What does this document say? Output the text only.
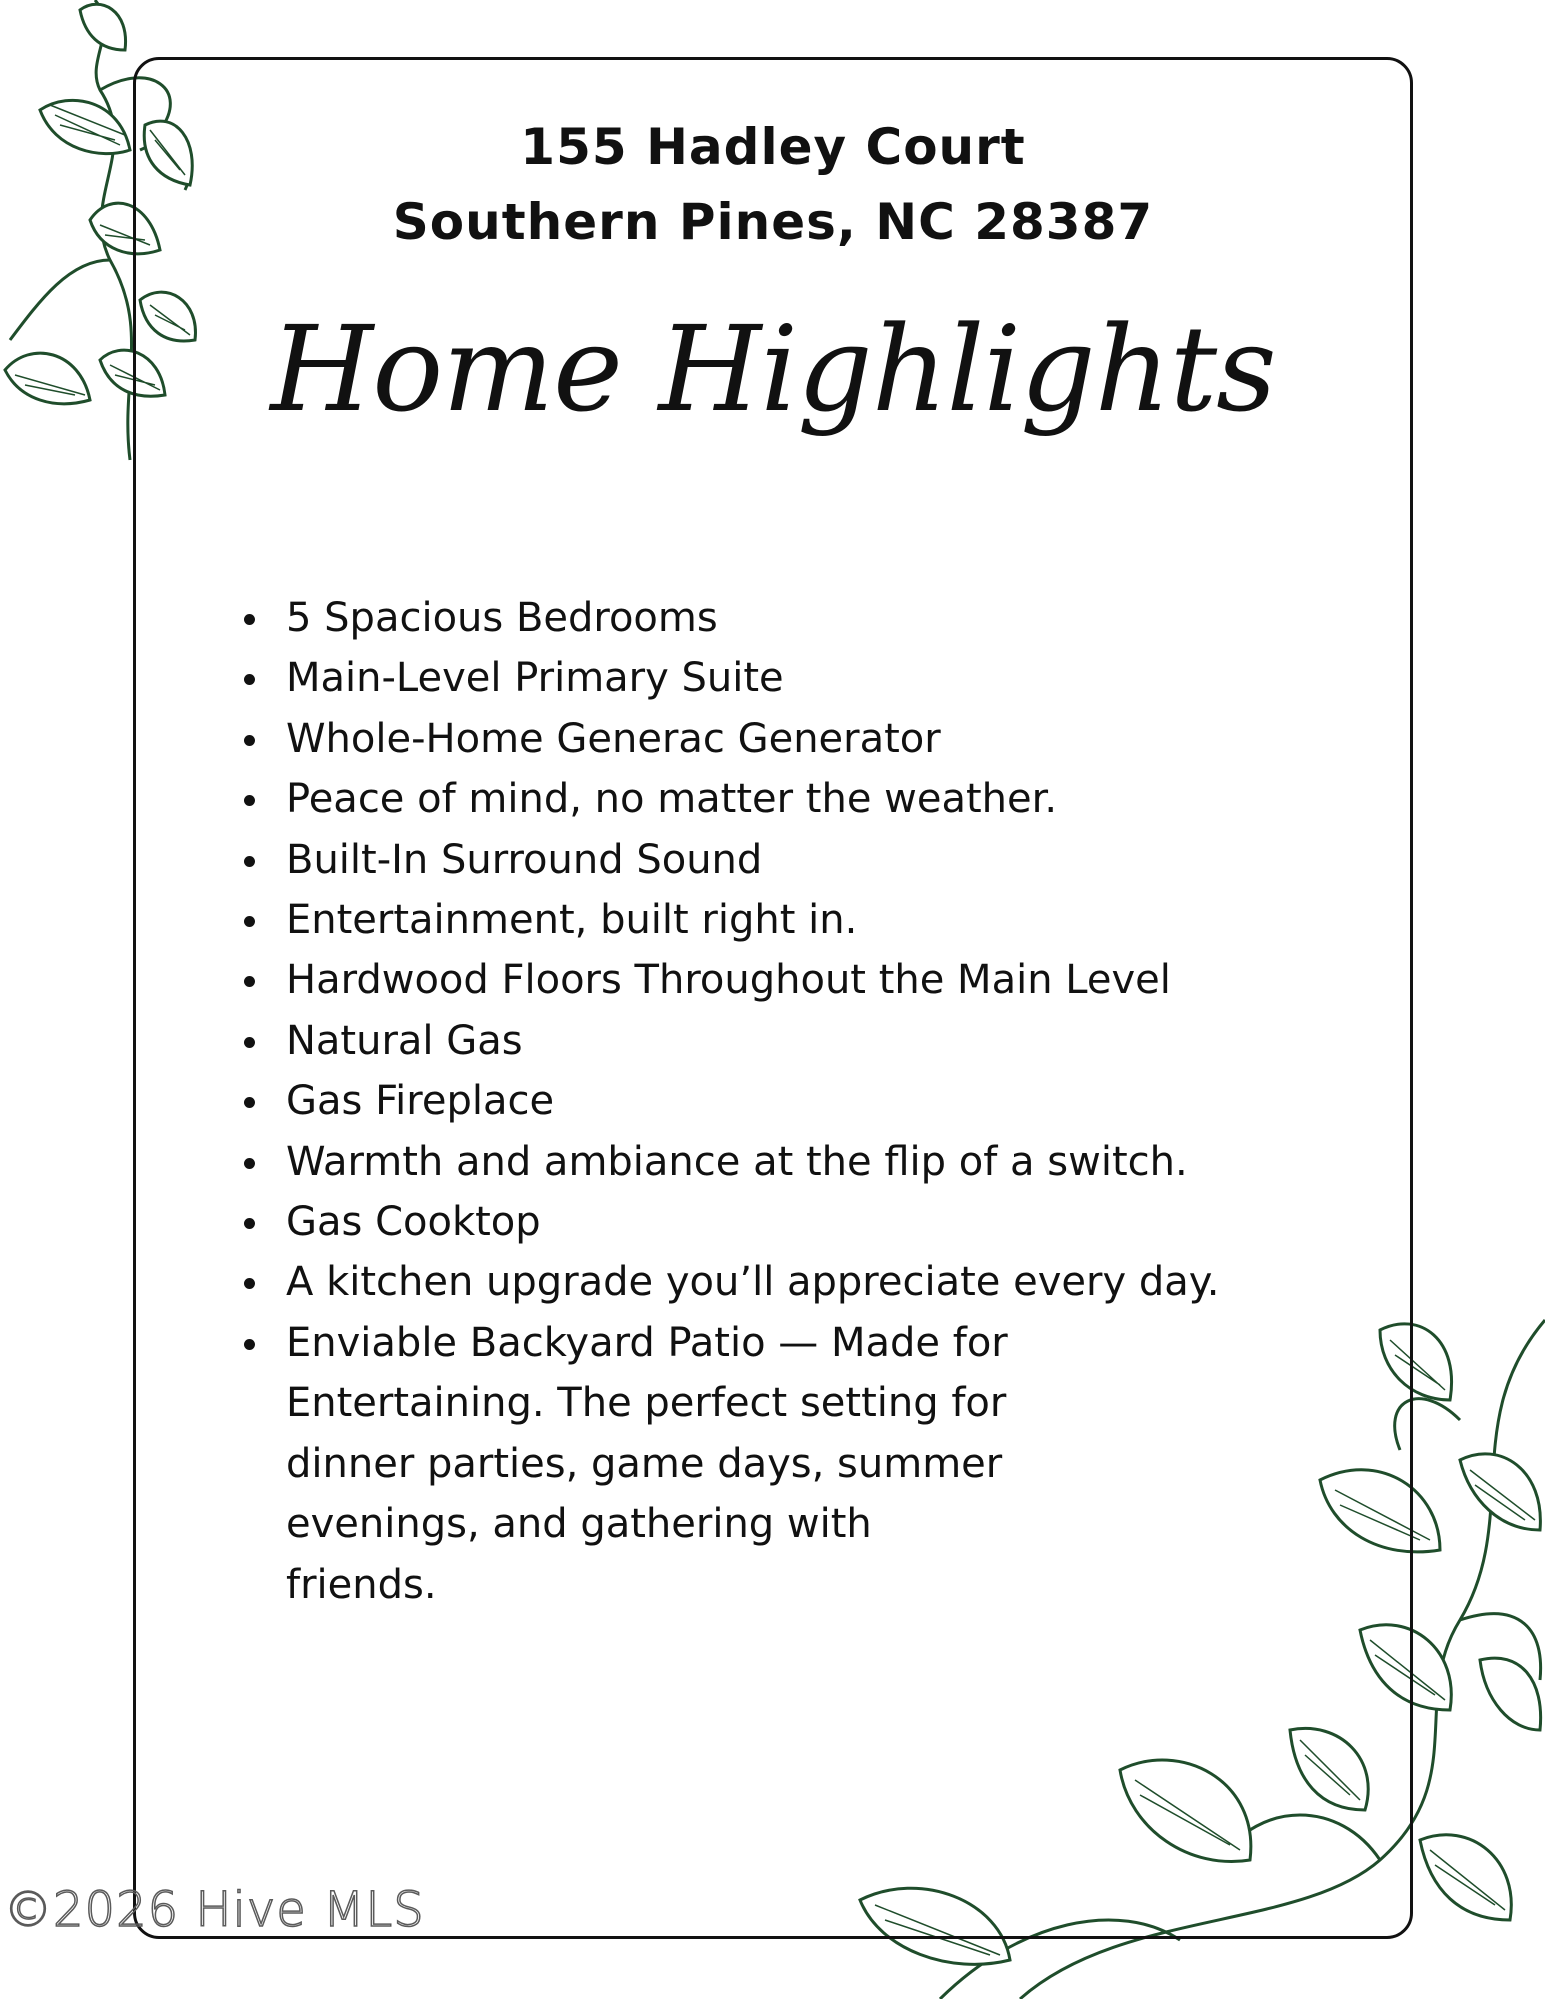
155 Hadley Court
Southern Pines, NC 28387
Home Highlights
5 Spacious Bedrooms
Main-Level Primary Suite
Whole-Home Generac Generator
Peace of mind, no matter the weather.
Built-In Surround Sound
Entertainment, built right in.
Hardwood Floors Throughout the Main Level
Natural Gas
Gas Fireplace
Warmth and ambiance at the flip of a switch.
Gas Cooktop
A kitchen upgrade you’ll appreciate every day.
Enviable Backyard Patio — Made for Entertaining. The perfect setting for dinner parties, game days, summer evenings, and gathering with friends.
©2026 Hive MLS
